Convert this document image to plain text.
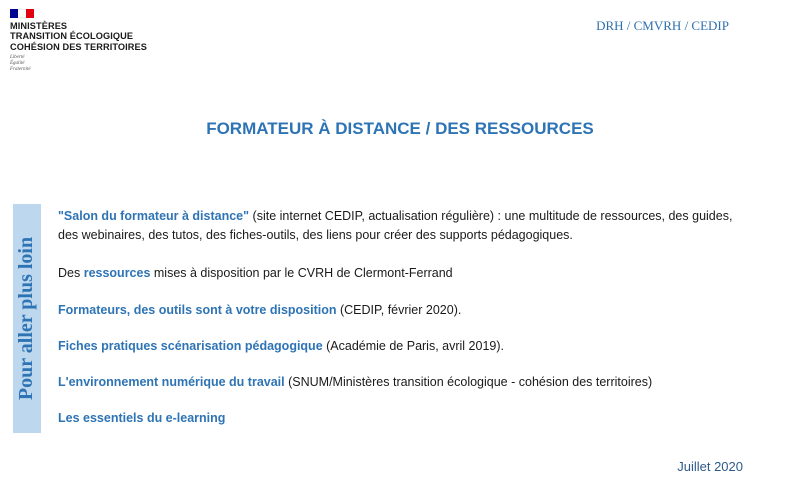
MINISTÈRES
TRANSITION ÉCOLOGIQUE
COHÉSION DES TERRITOIRES
Liberté
Égalité
Fraternité
DRH / CMVRH / CEDIP
FORMATEUR À DISTANCE / DES RESSOURCES
Pour aller plus loin
"Salon du formateur à distance" (site internet CEDIP, actualisation régulière) : une multitude de ressources, des guides, des webinaires, des tutos, des fiches-outils, des liens pour créer des supports pédagogiques.
Des ressources mises à disposition par le CVRH de Clermont-Ferrand
Formateurs, des outils sont à votre disposition (CEDIP, février 2020).
Fiches pratiques scénarisation pédagogique (Académie de Paris, avril 2019).
L'environnement numérique du travail (SNUM/Ministères transition écologique - cohésion des territoires)
Les essentiels du e-learning
Juillet 2020
